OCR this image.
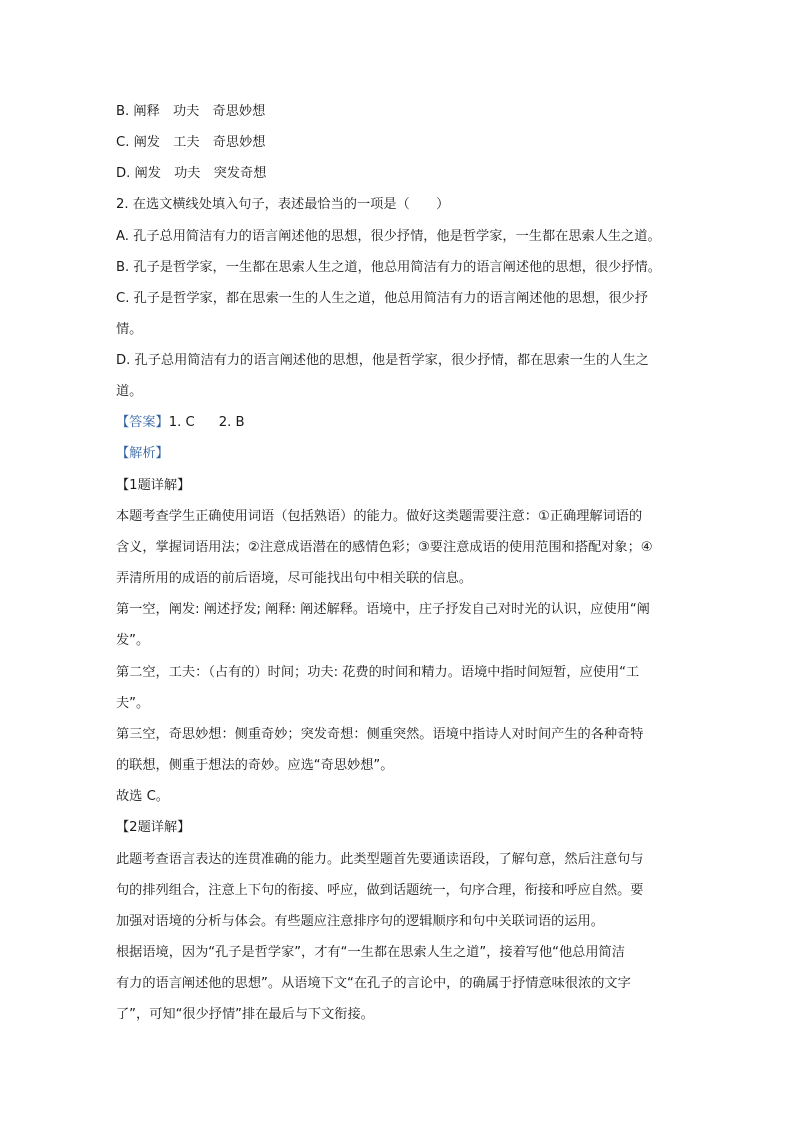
B. 阐释　功夫　奇思妙想
C. 阐发　工夫　奇思妙想
D. 阐发　功夫　突发奇想
2. 在选文横线处填入句子，表述最恰当的一项是（　　）
A. 孔子总用简洁有力的语言阐述他的思想，很少抒情，他是哲学家，一生都在思索人生之道。
B. 孔子是哲学家，一生都在思索人生之道，他总用简洁有力的语言阐述他的思想，很少抒情。
C. 孔子是哲学家，都在思索一生的人生之道，他总用简洁有力的语言阐述他的思想，很少抒
情。
D. 孔子总用简洁有力的语言阐述他的思想，他是哲学家，很少抒情，都在思索一生的人生之
道。
【答案】1. C 2. B
【解析】
【1题详解】
本题考查学生正确使用词语（包括熟语）的能力。做好这类题需要注意：①正确理解词语的
含义，掌握词语用法；②注意成语潜在的感情色彩；③要注意成语的使用范围和搭配对象；④
弄清所用的成语的前后语境，尽可能找出句中相关联的信息。
第一空，阐发: 阐述抒发; 阐释: 阐述解释。语境中，庄子抒发自己对时光的认识，应使用“阐
发”。
第二空，工夫：（占有的）时间；功夫: 花费的时间和精力。语境中指时间短暂，应使用“工
夫”。
第三空，奇思妙想：侧重奇妙；突发奇想：侧重突然。语境中指诗人对时间产生的各种奇特
的联想，侧重于想法的奇妙。应选“奇思妙想”。
故选 C。
【2题详解】
此题考查语言表达的连贯准确的能力。此类型题首先要通读语段，了解句意，然后注意句与
句的排列组合，注意上下句的衔接、呼应，做到话题统一，句序合理，衔接和呼应自然。要
加强对语境的分析与体会。有些题应注意排序句的逻辑顺序和句中关联词语的运用。
根据语境，因为“孔子是哲学家”，才有“一生都在思索人生之道”，接着写他“他总用简洁
有力的语言阐述他的思想”。从语境下文“在孔子的言论中，的确属于抒情意味很浓的文字
了”，可知“很少抒情”排在最后与下文衔接。
